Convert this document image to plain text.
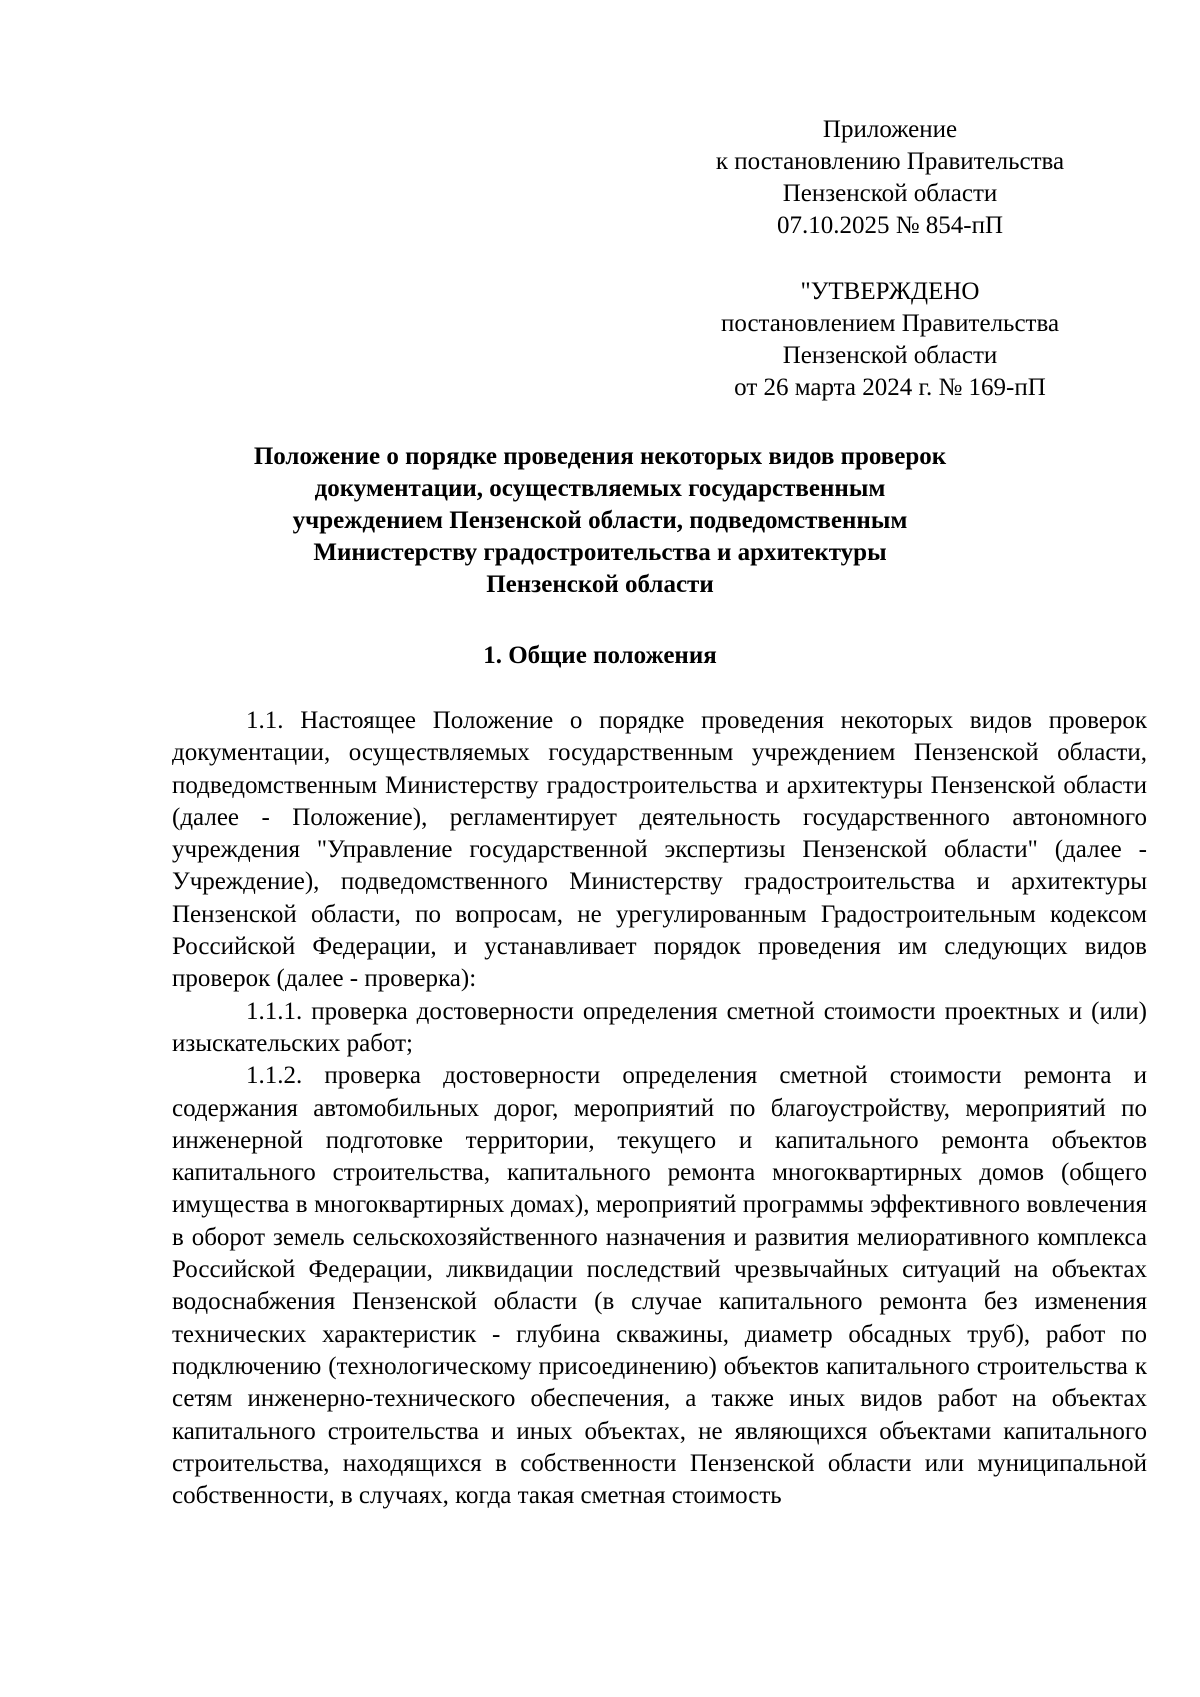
Приложение
к постановлению Правительства
Пензенской области
07.10.2025 № 854-пП
"УТВЕРЖДЕНО
постановлением Правительства
Пензенской области
от 26 марта 2024 г. № 169-пП
Положение о порядке проведения некоторых видов проверок
документации, осуществляемых государственным
учреждением Пензенской области, подведомственным
Министерству градостроительства и архитектуры
Пензенской области
1. Общие положения

1.1. Настоящее Положение о порядке проведения некоторых видов проверок документации, осуществляемых государственным учреждением Пензенской области, подведомственным Министерству градостроительства и архитектуры Пензенской области (далее - Положение), регламентирует деятельность государственного автономного учреждения "Управление государственной экспертизы Пензенской области" (далее - Учреждение), подведомственного Министерству градостроительства и архитектуры Пензенской области, по вопросам, не урегулированным Градостроительным кодексом Российской Федерации, и устанавливает порядок проведения им следующих видов проверок (далее - проверка):

1.1.1. проверка достоверности определения сметной стоимости проектных и (или) изыскательских работ;

1.1.2. проверка достоверности определения сметной стоимости ремонта и содержания автомобильных дорог, мероприятий по благоустройству, мероприятий по инженерной подготовке территории, текущего и капитального ремонта объектов капитального строительства, капитального ремонта многоквартирных домов (общего имущества в многоквартирных домах), мероприятий программы эффективного вовлечения в оборот земель сельскохозяйственного назначения и развития мелиоративного комплекса Российской Федерации, ликвидации последствий чрезвычайных ситуаций на объектах водоснабжения Пензенской области (в случае капитального ремонта без изменения технических характеристик - глубина скважины, диаметр обсадных труб), работ по подключению (технологическому присоединению) объектов капитального строительства к сетям инженерно-технического обеспечения, а также иных видов работ на объектах капитального строительства и иных объектах, не являющихся объектами капитального строительства, находящихся в собственности Пензенской области или муниципальной собственности, в случаях, когда такая сметная стоимость
